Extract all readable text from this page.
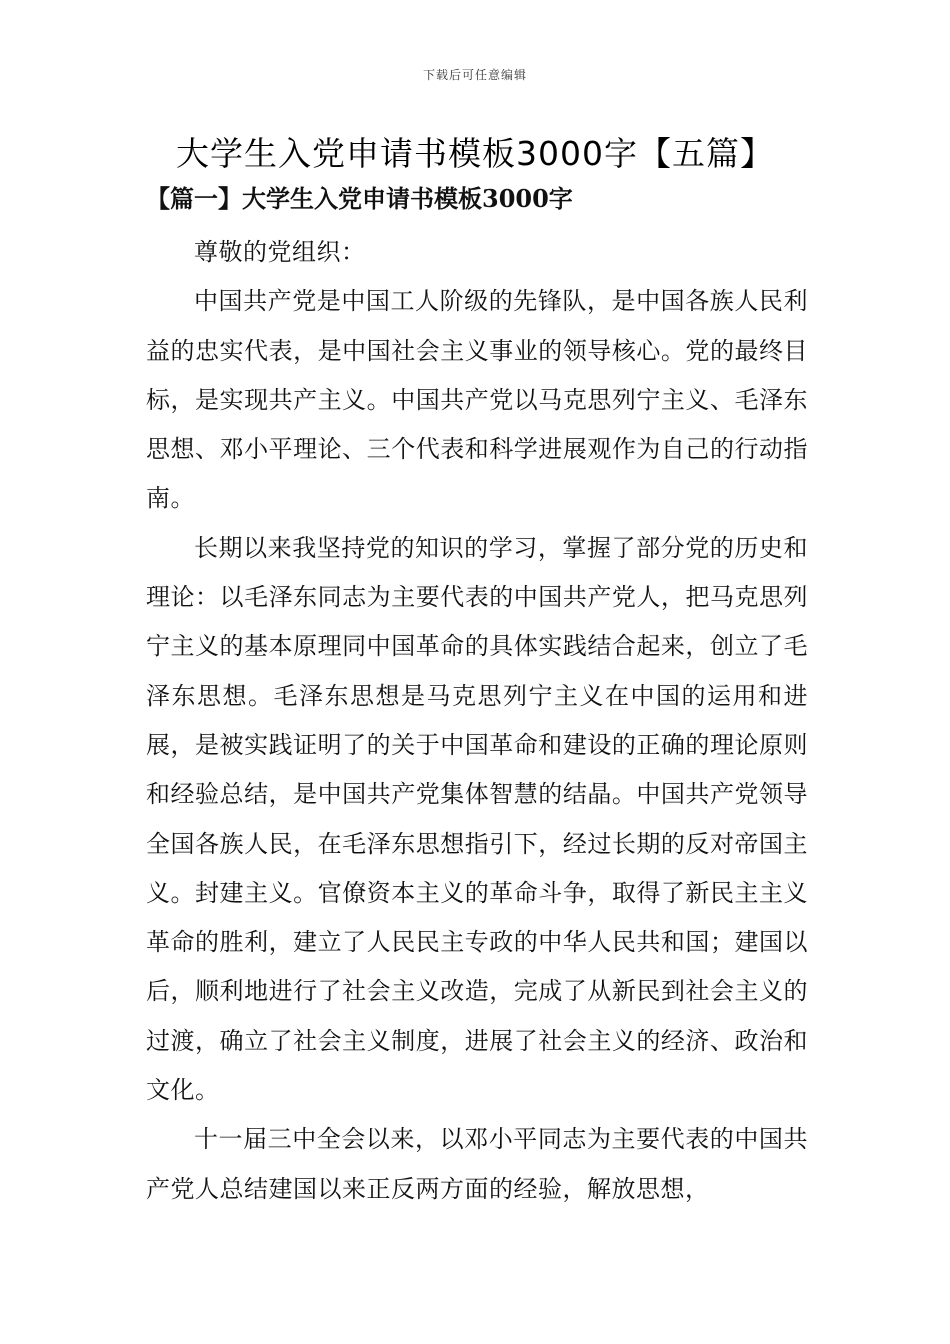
下载后可任意编辑
大学生入党申请书模板3000字【五篇】
【篇一】大学生入党申请书模板3000字

尊敬的党组织：

中国共产党是中国工人阶级的先锋队，是中国各族人民利益的忠实代表，是中国社会主义事业的领导核心。党的最终目标，是实现共产主义。中国共产党以马克思列宁主义、毛泽东思想、邓小平理论、三个代表和科学进展观作为自己的行动指南。

长期以来我坚持党的知识的学习，掌握了部分党的历史和理论：以毛泽东同志为主要代表的中国共产党人，把马克思列宁主义的基本原理同中国革命的具体实践结合起来，创立了毛泽东思想。毛泽东思想是马克思列宁主义在中国的运用和进展，是被实践证明了的关于中国革命和建设的正确的理论原则和经验总结，是中国共产党集体智慧的结晶。中国共产党领导全国各族人民，在毛泽东思想指引下，经过长期的反对帝国主义。封建主义。官僚资本主义的革命斗争，取得了新民主主义革命的胜利，建立了人民民主专政的中华人民共和国；建国以后，顺利地进行了社会主义改造，完成了从新民到社会主义的过渡，确立了社会主义制度，进展了社会主义的经济、政治和文化。

十一届三中全会以来，以邓小平同志为主要代表的中国共产党人总结建国以来正反两方面的经验，解放思想，
